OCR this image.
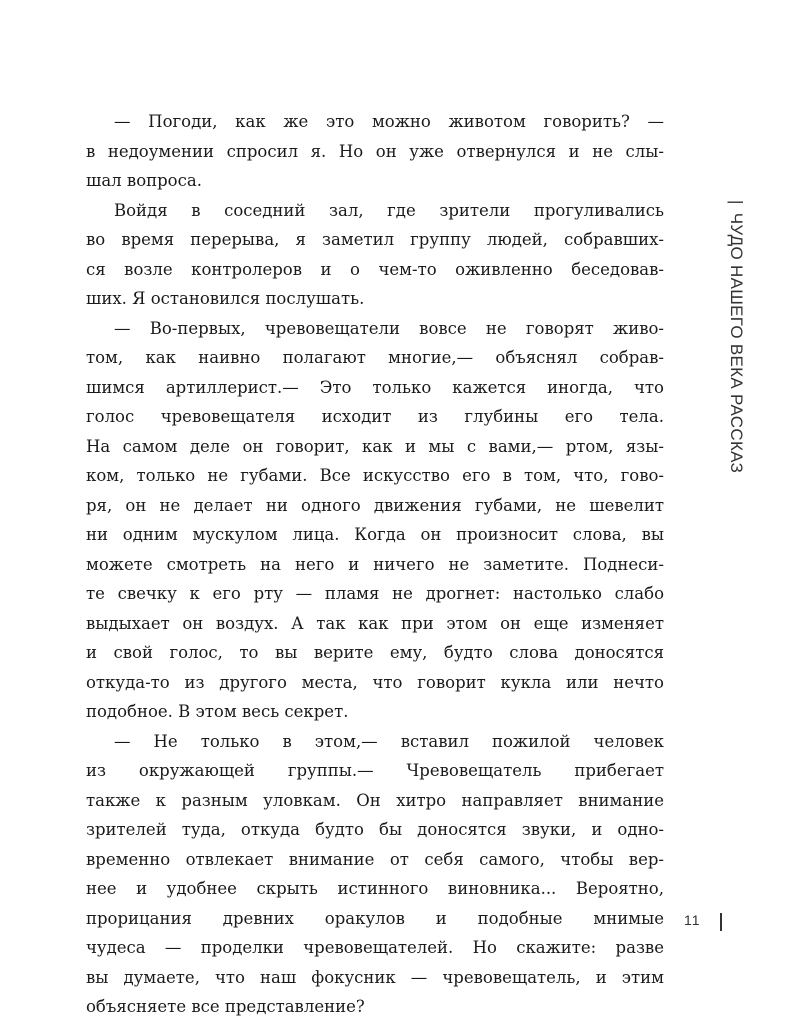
— Погоди, как же это можно животом говорить? —
в недоумении спросил я. Но он уже отвернулся и не слы-
шал вопроса.
Войдя в соседний зал, где зрители прогуливались
во время перерыва, я заметил группу людей, собравших-
ся возле контролеров и о чем-то оживленно беседовав-
ших. Я остановился послушать.
— Во-первых, чревовещатели вовсе не говорят живо-
том, как наивно полагают многие,— объяснял собрав-
шимся артиллерист.— Это только кажется иногда, что
голос чревовещателя исходит из глубины его тела.
На самом деле он говорит, как и мы с вами,— ртом, язы-
ком, только не губами. Все искусство его в том, что, гово-
ря, он не делает ни одного движения губами, не шевелит
ни одним мускулом лица. Когда он произносит слова, вы
можете смотреть на него и ничего не заметите. Поднеси-
те свечку к его рту — пламя не дрогнет: настолько слабо
выдыхает он воздух. А так как при этом он еще изменяет
и свой голос, то вы верите ему, будто слова доносятся
откуда-то из другого места, что говорит кукла или нечто
подобное. В этом весь секрет.
— Не только в этом,— вставил пожилой человек
из окружающей группы.— Чревовещатель прибегает
также к разным уловкам. Он хитро направляет внимание
зрителей туда, откуда будто бы доносятся звуки, и одно-
временно отвлекает внимание от себя самого, чтобы вер-
нее и удобнее скрыть истинного виновника... Вероятно,
прорицания древних оракулов и подобные мнимые
чудеса — проделки чревовещателей. Но скажите: разве
вы думаете, что наш фокусник — чревовещатель, и этим
объясняете все представление?
|ЧУДО НАШЕГО ВЕКА РАССКАЗ
11
